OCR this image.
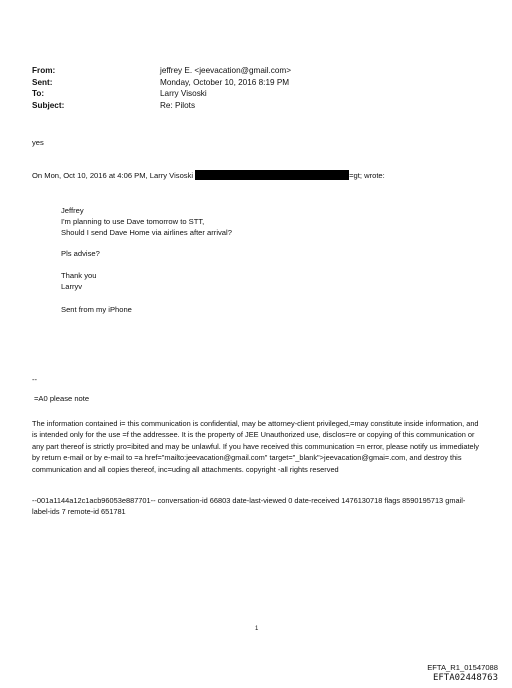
From:	jeffrey E. <jeevacation@gmail.com>
Sent:	Monday, October 10, 2016 8:19 PM
To:	Larry Visoski
Subject:	Re: Pilots
yes
On Mon, Oct 10, 2016 at 4:06 PM, Larry Visoski	=gt; wrote:
Jeffrey
I'm planning to use Dave tomorrow to STT,
Should I send Dave Home via airlines after arrival?
Pls advise?
Thank you
Larryv
Sent from my iPhone
--
=A0 please note
The information contained i= this communication is confidential, may be attorney-client privileged,=may constitute inside information, and is intended only for the use =f the addressee. It is the property of JEE Unauthorized use, disclos=re or copying of this communication or any part thereof is strictly pro=ibited and may be unlawful. If you have received this communication =n error, please notify us immediately by return e-mail or by e-mail to =a href="mailto:jeevacation@gmail.com" target="_blank">jeevacation@gmai=.com, and destroy this communication and all copies thereof, inc=uding all attachments. copyright -all rights reserved
--001a1144a12c1acb96053e887701-- conversation-id 66803 date-last-viewed 0 date-received 1476130718 flags 8590195713 gmail-label-ids 7 remote-id 651781
1
EFTA_R1_01547088
EFTA02448763
